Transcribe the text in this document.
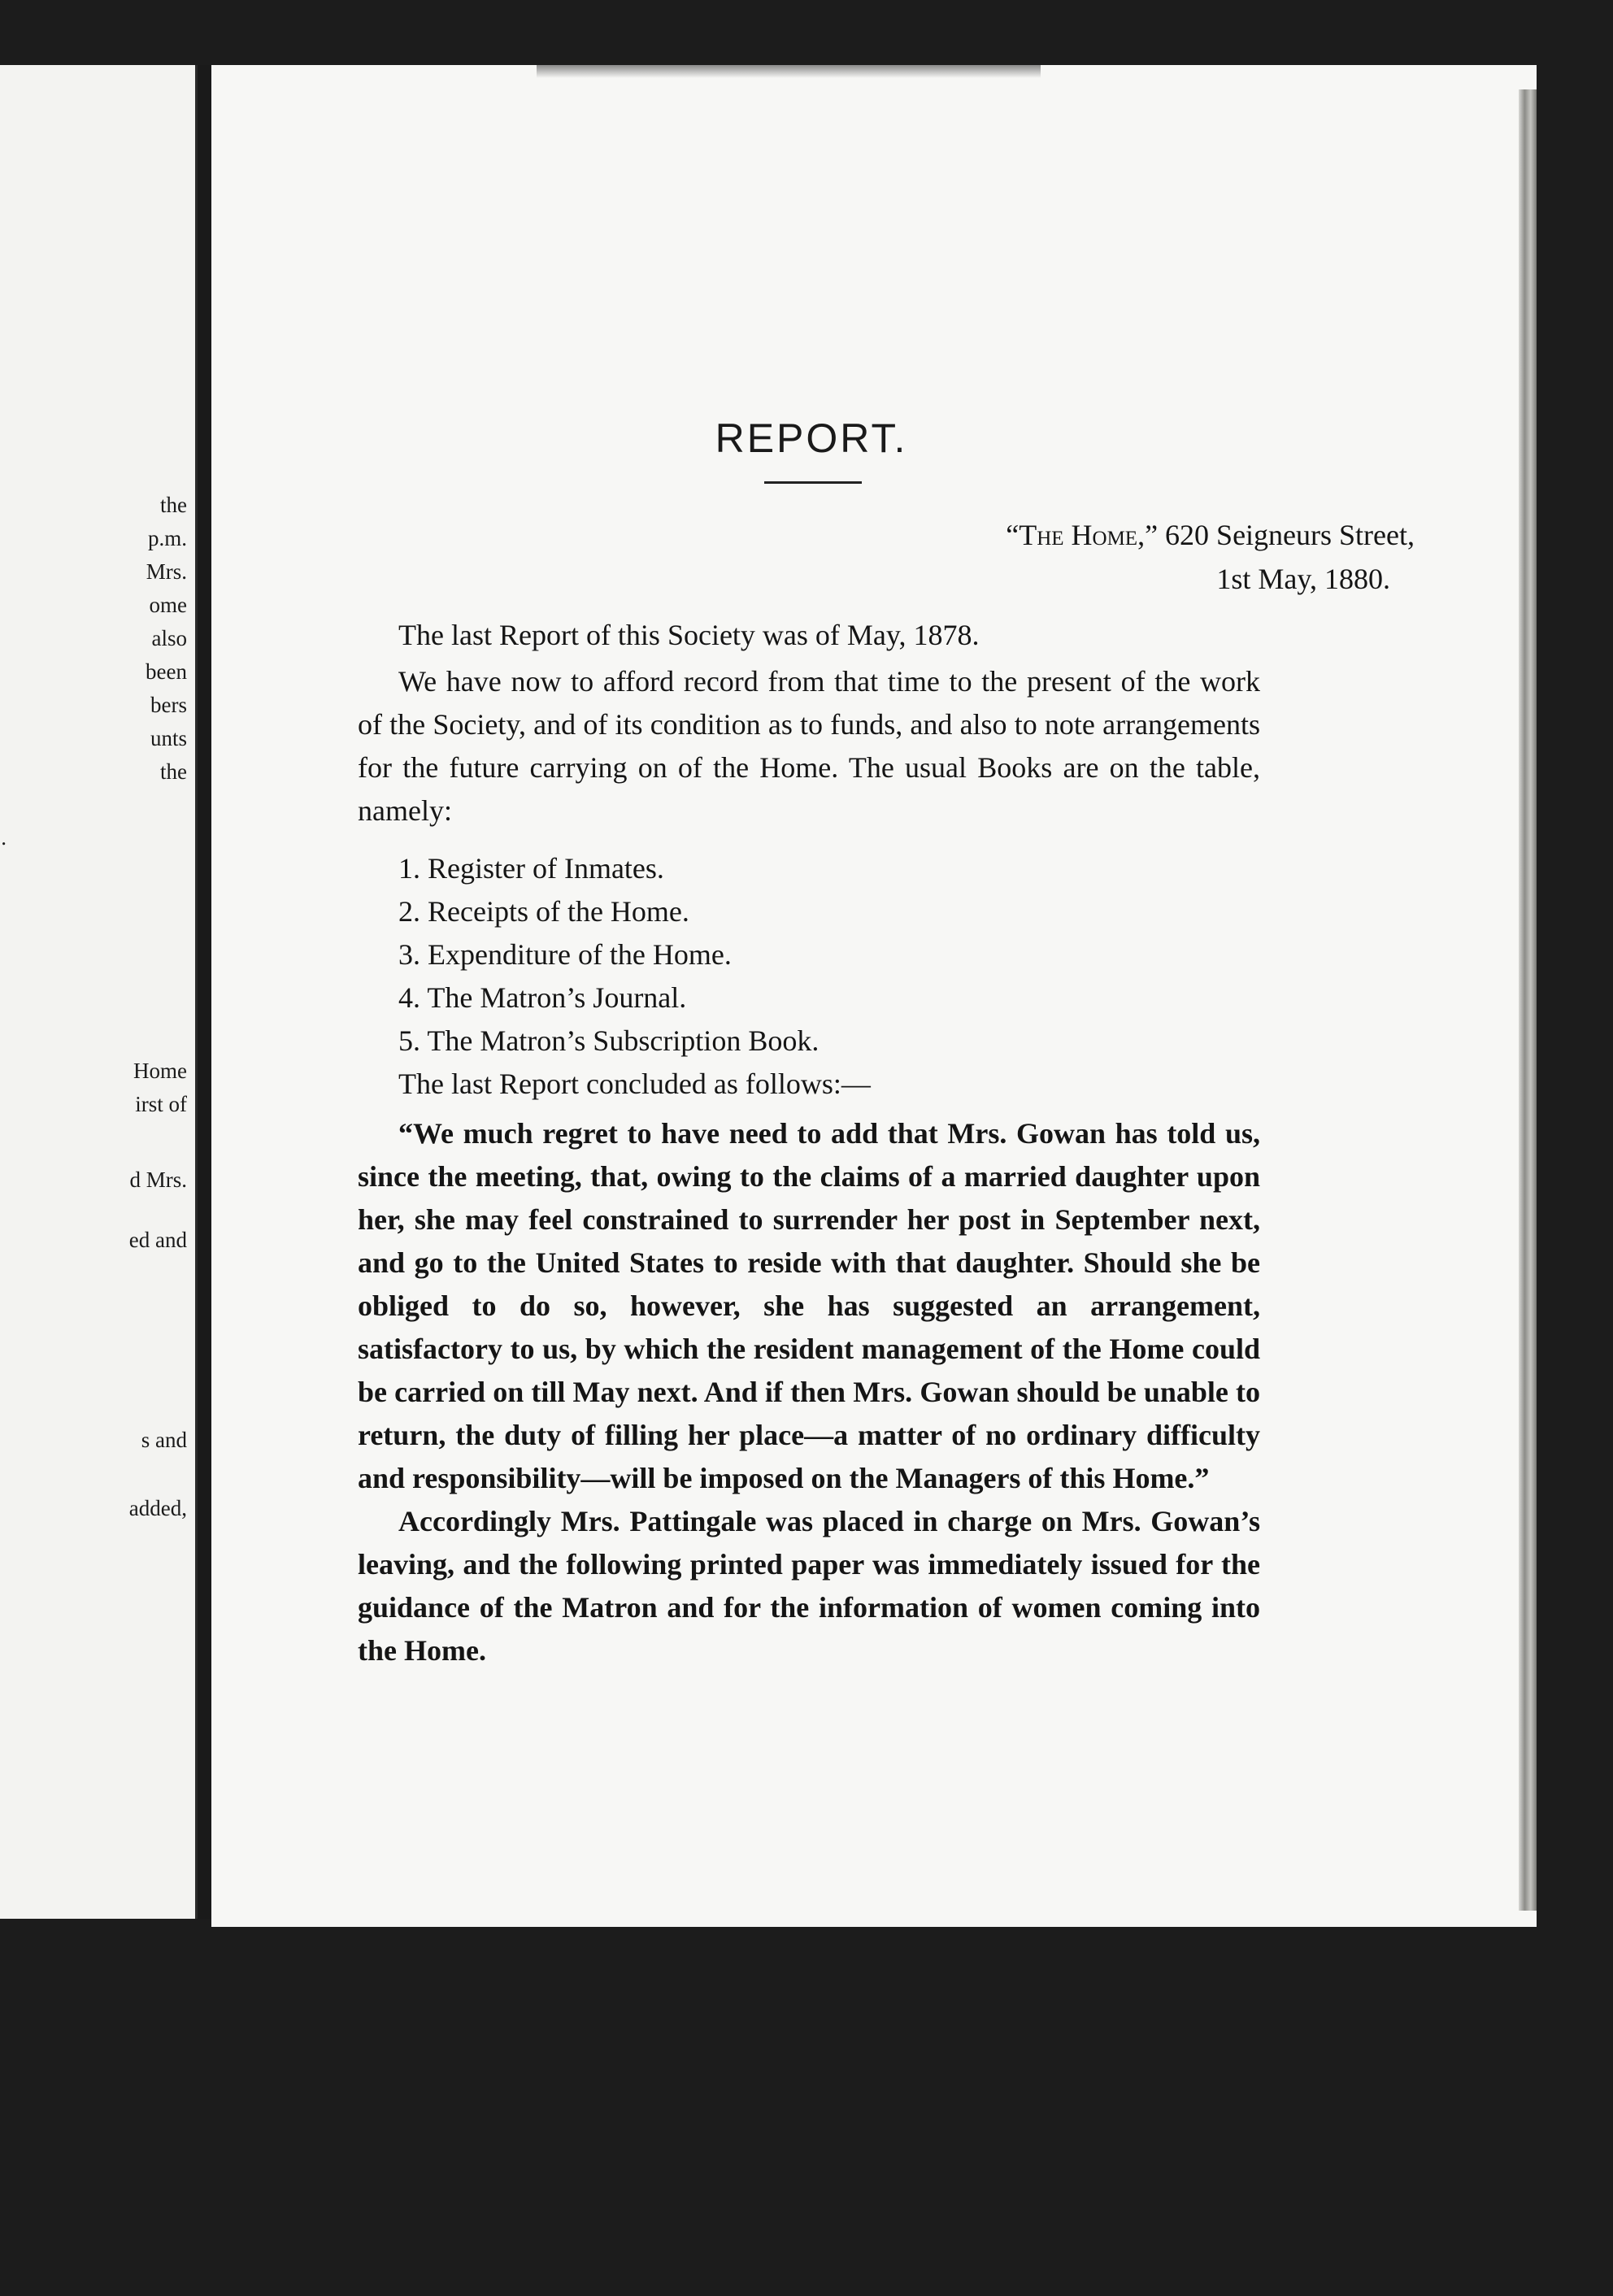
the

p.m.

Mrs.

ome

also

been

bers

unts

the

.

Home

irst of

d Mrs.

ed and

s and

added,

REPORT.

“The Home,” 620 Seigneurs Street,

1st May, 1880.

The last Report of this Society was of May, 1878.

We have now to afford record from that time to the present of the work of the Society, and of its condition as to funds, and also to note arrangements for the future carrying on of the Home. The usual Books are on the table, namely:

1. Register of Inmates.
2. Receipts of the Home.
3. Expenditure of the Home.
4. The Matron’s Journal.
5. The Matron’s Subscription Book.

The last Report concluded as follows:—

“We much regret to have need to add that Mrs. Gowan has told us, since the meeting, that, owing to the claims of a married daughter upon her, she may feel constrained to surrender her post in September next, and go to the United States to reside with that daughter. Should she be obliged to do so, however, she has suggested an arrangement, satisfactory to us, by which the resident management of the Home could be carried on till May next. And if then Mrs. Gowan should be unable to return, the duty of filling her place—a matter of no ordinary difficulty and responsibility—will be imposed on the Managers of this Home.”

Accordingly Mrs. Pattingale was placed in charge on Mrs. Gowan’s leaving, and the following printed paper was immediately issued for the guidance of the Matron and for the information of women coming into the Home.
